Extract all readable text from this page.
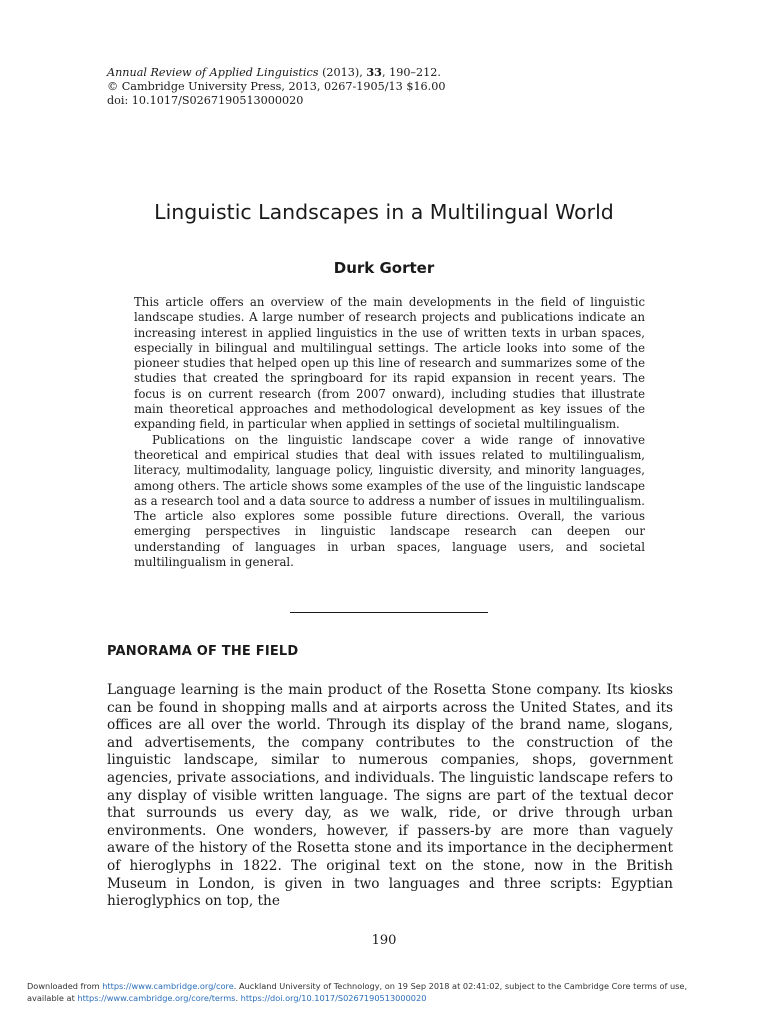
Annual Review of Applied Linguistics (2013), 33, 190–212.
© Cambridge University Press, 2013, 0267-1905/13 $16.00
doi: 10.1017/S0267190513000020
Linguistic Landscapes in a Multilingual World
Durk Gorter

This article offers an overview of the main developments in the field of linguistic landscape studies. A large number of research projects and publications indicate an increasing interest in applied linguistics in the use of written texts in urban spaces, especially in bilingual and multilingual settings. The article looks into some of the pioneer studies that helped open up this line of research and summarizes some of the studies that created the springboard for its rapid expansion in recent years. The focus is on current research (from 2007 onward), including studies that illustrate main theoretical approaches and methodological development as key issues of the expanding field, in particular when applied in settings of societal multilingualism.

Publications on the linguistic landscape cover a wide range of innovative theoretical and empirical studies that deal with issues related to multilingualism, literacy, multimodality, language policy, linguistic diversity, and minority languages, among others. The article shows some examples of the use of the linguistic landscape as a research tool and a data source to address a number of issues in multilingualism. The article also explores some possible future directions. Overall, the various emerging perspectives in linguistic landscape research can deepen our understanding of languages in urban spaces, language users, and societal multilingualism in general.

PANORAMA OF THE FIELD

Language learning is the main product of the Rosetta Stone company. Its kiosks can be found in shopping malls and at airports across the United States, and its offices are all over the world. Through its display of the brand name, slogans, and advertisements, the company contributes to the construction of the linguistic landscape, similar to numerous companies, shops, government agencies, private associations, and individuals. The linguistic landscape refers to any display of visible written language. The signs are part of the textual decor that surrounds us every day, as we walk, ride, or drive through urban environments. One wonders, however, if passers-by are more than vaguely aware of the history of the Rosetta stone and its importance in the decipherment of hieroglyphs in 1822. The original text on the stone, now in the British Museum in London, is given in two languages and three scripts: Egyptian hieroglyphics on top, the

190
Downloaded from https://www.cambridge.org/core. Auckland University of Technology, on 19 Sep 2018 at 02:41:02, subject to the Cambridge Core terms of use,
available at https://www.cambridge.org/core/terms. https://doi.org/10.1017/S0267190513000020
